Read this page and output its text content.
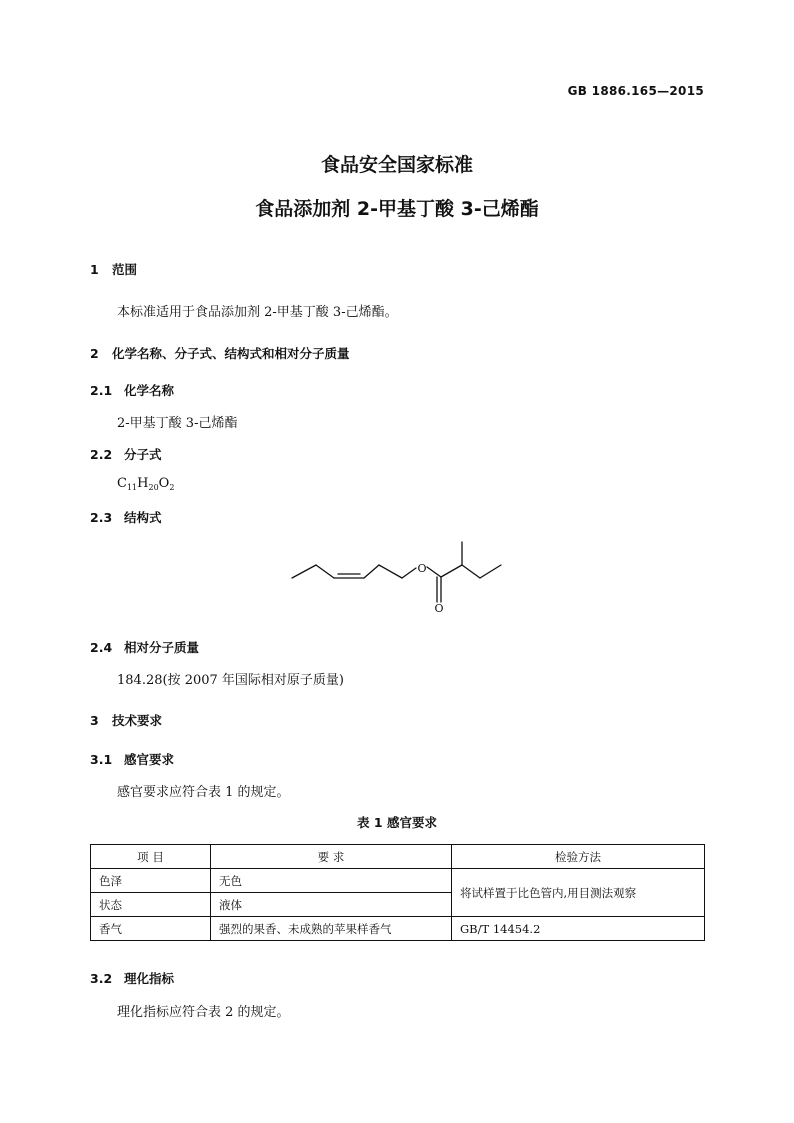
GB 1886.165—2015
食品安全国家标准
食品添加剂 2-甲基丁酸 3-己烯酯
1 范围
本标准适用于食品添加剂 2-甲基丁酸 3-己烯酯。
2 化学名称、分子式、结构式和相对分子质量
2.1 化学名称
2-甲基丁酸 3-己烯酯
2.2 分子式
$C_{11}H_{20}O_2$
2.3 结构式
O
O
2.4 相对分子质量
184.28(按 2007 年国际相对原子质量)
3 技术要求
3.1 感官要求
感官要求应符合表 1 的规定。
表 1 感官要求
项 目	要 求	检验方法
色泽	无色	将试样置于比色管内,用目测法观察
状态	液体	
香气	强烈的果香、未成熟的苹果样香气	GB/T 14454.2
3.2 理化指标
理化指标应符合表 2 的规定。
